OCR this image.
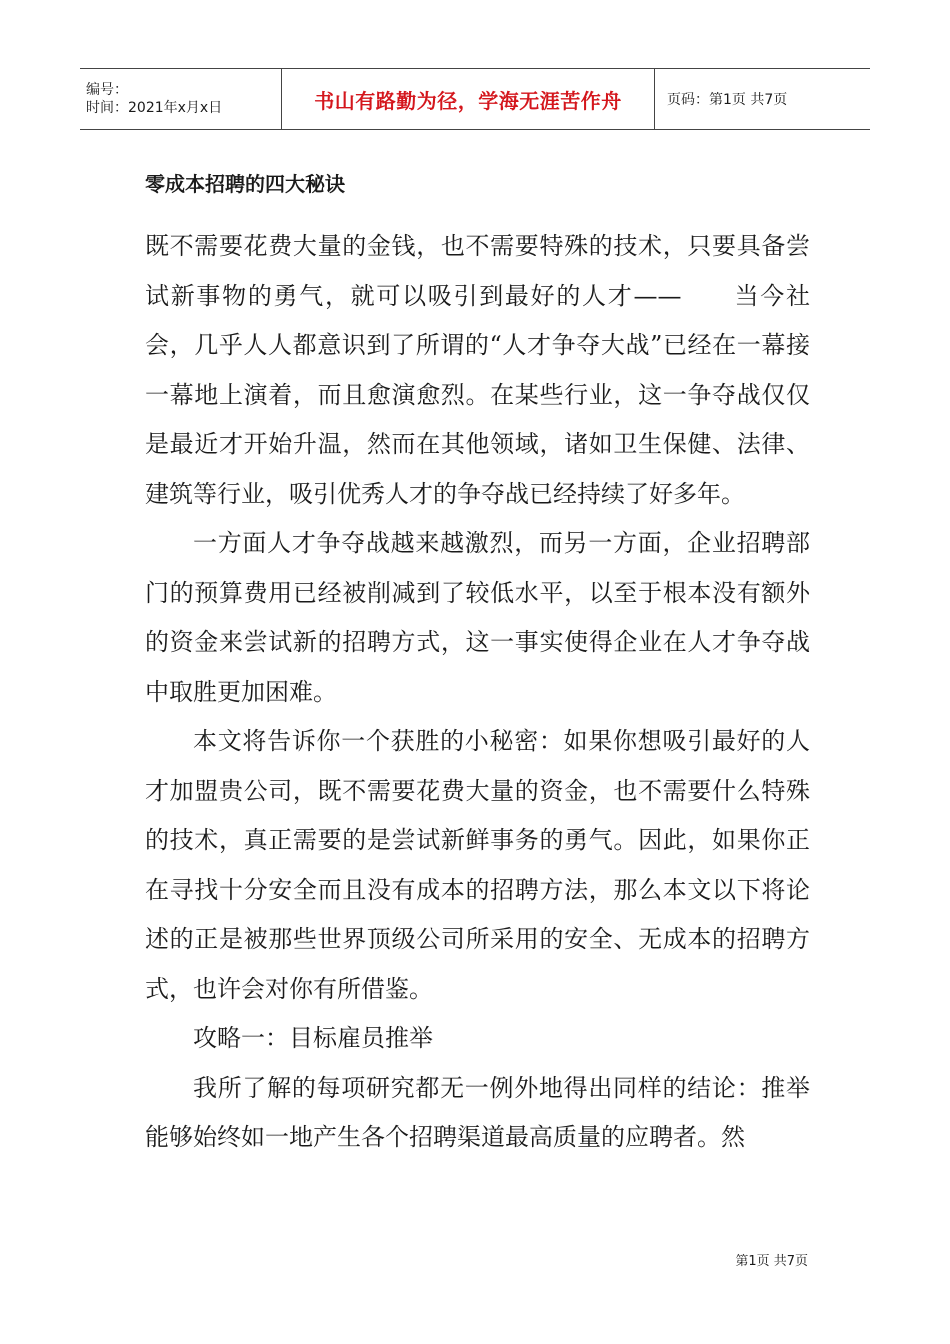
编号：
时间：2021年x月x日	书山有路勤为径，学海无涯苦作舟	页码：第1页 共7页
零成本招聘的四大秘诀

既不需要花费大量的金钱，也不需要特殊的技术，只要具备尝试新事物的勇气，就可以吸引到最好的人才——　　当今社会，几乎人人都意识到了所谓的“人才争夺大战”已经在一幕接一幕地上演着，而且愈演愈烈。在某些行业，这一争夺战仅仅是最近才开始升温，然而在其他领域，诸如卫生保健、法律、建筑等行业，吸引优秀人才的争夺战已经持续了好多年。

一方面人才争夺战越来越激烈，而另一方面，企业招聘部门的预算费用已经被削减到了较低水平，以至于根本没有额外的资金来尝试新的招聘方式，这一事实使得企业在人才争夺战中取胜更加困难。

本文将告诉你一个获胜的小秘密：如果你想吸引最好的人才加盟贵公司，既不需要花费大量的资金，也不需要什么特殊的技术，真正需要的是尝试新鲜事务的勇气。因此，如果你正在寻找十分安全而且没有成本的招聘方法，那么本文以下将论述的正是被那些世界顶级公司所采用的安全、无成本的招聘方式，也许会对你有所借鉴。

攻略一：目标雇员推举

我所了解的每项研究都无一例外地得出同样的结论：推举能够始终如一地产生各个招聘渠道最高质量的应聘者。然

第1页 共7页
